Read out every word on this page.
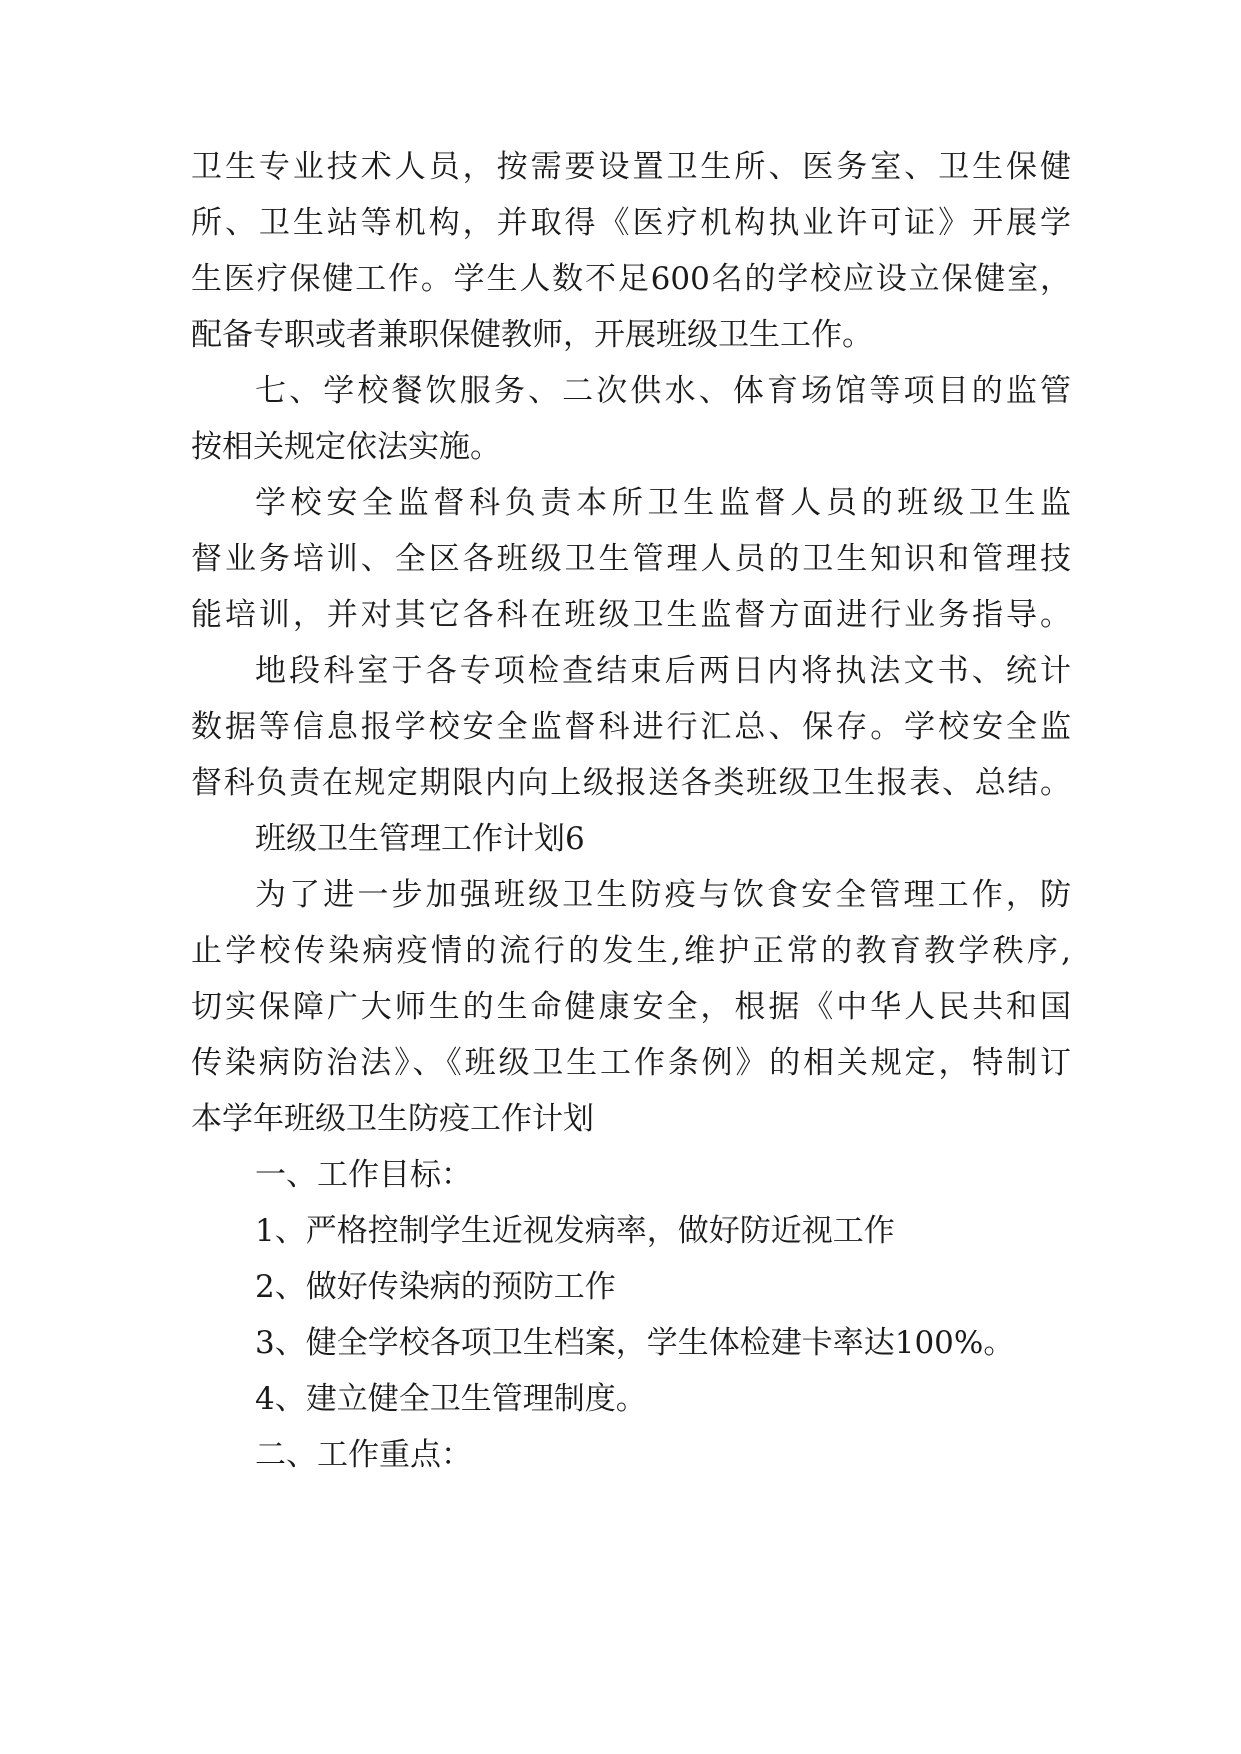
卫生专业技术人员，按需要设置卫生所、医务室、卫生保健
所、卫生站等机构，并取得《医疗机构执业许可证》开展学
生医疗保健工作。学生人数不足600名的学校应设立保健室，
配备专职或者兼职保健教师，开展班级卫生工作。
七、学校餐饮服务、二次供水、体育场馆等项目的监管
按相关规定依法实施。
学校安全监督科负责本所卫生监督人员的班级卫生监
督业务培训、全区各班级卫生管理人员的卫生知识和管理技
能培训，并对其它各科在班级卫生监督方面进行业务指导。
地段科室于各专项检查结束后两日内将执法文书、统计
数据等信息报学校安全监督科进行汇总、保存。学校安全监
督科负责在规定期限内向上级报送各类班级卫生报表、总结。
班级卫生管理工作计划6
为了进一步加强班级卫生防疫与饮食安全管理工作，防
止学校传染病疫情的流行的发生,维护正常的教育教学秩序,
切实保障广大师生的生命健康安全，根据《中华人民共和国
传染病防治法》、《班级卫生工作条例》的相关规定，特制订
本学年班级卫生防疫工作计划
一、工作目标：
1、严格控制学生近视发病率，做好防近视工作
2、做好传染病的预防工作
3、健全学校各项卫生档案，学生体检建卡率达100%。
4、建立健全卫生管理制度。
二、工作重点：
